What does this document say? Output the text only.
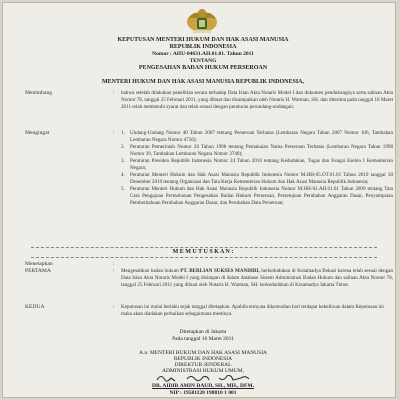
KEPUTUSAN MENTERI HUKUM DAN HAK ASASI MANUSIA
REPUBLIK INDONESIA
Nomor : AHU-04631.AH.01.01. Tahun 2011
TENTANG
PENGESAHAN BADAN HUKUM PERSEROAN
MENTERI HUKUM DAN HAK ASASI MANUSIA REPUBLIK INDONESIA,
Menimbang	: bahwa setelah dilakukan penelitian secara terhadap Data Isian Akta Notaris Model I dan dokumen pendukungnya serta salinan Akta Nomor 78, tanggal 25 Februari 2011, yang dibuat dan disampaikan oleh Notaris H. Warman, SH. dan diterima pada tanggal 10 Maret 2011 telah memenuhi syarat dan telah sesuai dengan peraturan perundang-undangan;
Mengingat	: 1.	Undang-Undang Nomor 40 Tahun 2007 tentang Perseroan Terbatas (Lembaran Negara Tahun 2007 Nomor 106, Tambahan Lembaran Negara Nomor 4756);
2.	Peraturan Pemerintah Nomor 26 Tahun 1998 tentang Pemakaian Nama Perseroan Terbatas (Lembaran Negara Tahun 1998 Nomor 39, Tambahan Lembaran Negara Nomor 3740);
3.	Peraturan Presiden Republik Indonesia Nomor 24 Tahun 2010 tentang Kedudukan, Tugas dan Fungsi Eselon I Kementerian Negara;
4.	Peraturan Menteri Hukum dan Hak Asasi Manusia Republik Indonesia Nomor M.HH-05.OT.01.01 Tahun 2010 tanggal 30 Desember 2010 tentang Organisasi dan Tata Kerja Kementerian Hukum dan Hak Asasi Manusia Republik Indonesia;
5.	Peraturan Menteri Hukum dan Hak Asasi Manusia Republik Indonesia Nomor M.HH-02.AH.01.01 Tahun 2009 tentang Tata Cara Pengajuan Permohonan Pengesahan Badan Hukum Perseroan, Persetujuan Perubahan Anggaran Dasar, Penyampaian Pemberitahuan Perubahan Anggaran Dasar, dan Perubahan Data Perseroan;
M E M U T U S K A N :
Menetapkan	:
PERTAMA	: Mengesahkan badan hukum PT. BERLIAN SUKSES MANDIRI, berkedudukan di Kotamadya Bekasi karena telah sesuai dengan Data Isian Akta Notaris Model I yang disimpan di dalam database Sistem Administrasi Badan Hukum dan salinan Akta Nomor 78, tanggal 25 Februari 2011 yang dibuat oleh Notaris H. Warman, SH. berkedudukan di Kotamadya Jakarta Timur.
KEDUA	: Keputusan ini mulai berlaku sejak tanggal ditetapkan. Apabila ternyata dikemudian hari terdapat kekeliruan dalam Keputusan ini maka akan diadakan perbaikan sebagaimana mestinya.
Ditetapkan di Jakarta
Pada tanggal 16 Maret 2011
A.n. MENTERI HUKUM DAN HAK ASASI MANUSIA
REPUBLIK INDONESIA
DIREKTUR JENDERAL
ADMINISTRASI HUKUM UMUM,
DR. AIDIR AMIN DAUD, SH., MH., DFM.
NIP : 19581120 198810 1 001
